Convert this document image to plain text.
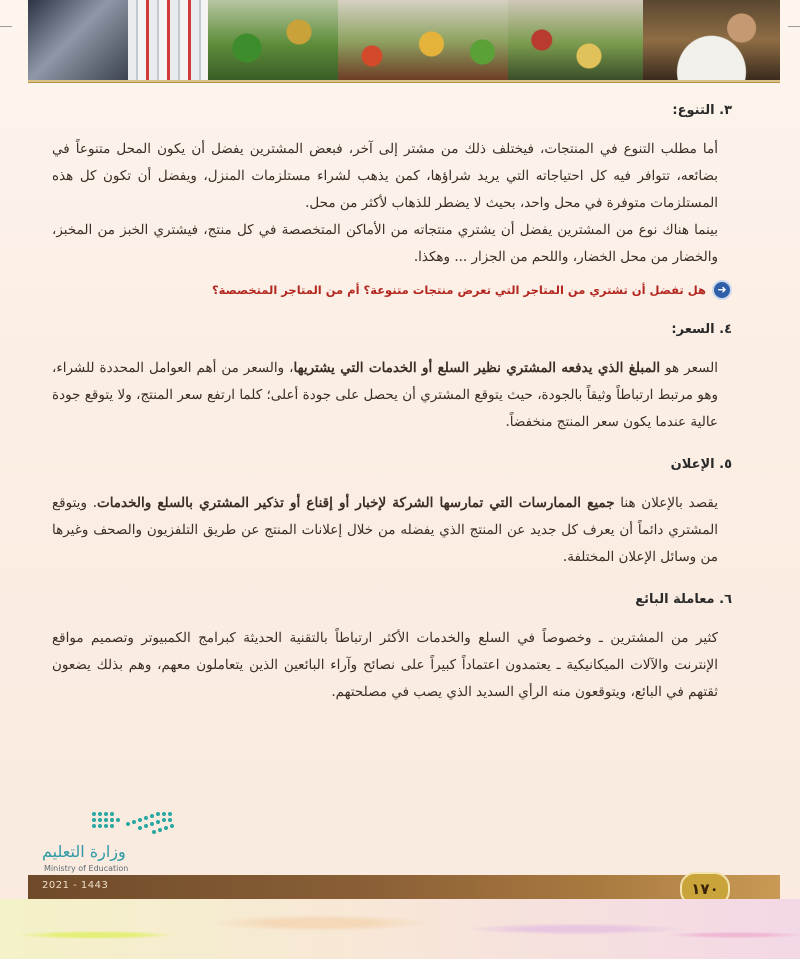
٣. التنوع:

أما مطلب التنوع في المنتجات، فيختلف ذلك من مشتر إلى آخر، فبعض المشترين يفضل أن يكون المحل متنوعاً في بضائعه، تتوافر فيه كل احتياجاته التي يريد شراؤها، كمن يذهب لشراء مستلزمات المنزل، ويفضل أن تكون كل هذه المستلزمات متوفرة في محل واحد، بحيث لا يضطر للذهاب لأكثر من محل.

بينما هناك نوع من المشترين يفضل أن يشتري منتجاته من الأماكن المتخصصة في كل منتج، فيشتري الخبز من المخبز، والخضار من محل الخضار، واللحم من الجزار ... وهكذا.

➜
هل تفضل أن تشتري من المتاجر التي تعرض منتجات متنوعة؟ أم من المتاجر المتخصصة؟
٤. السعر:

السعر هو المبلغ الذي يدفعه المشتري نظير السلع أو الخدمات التي يشتريها، والسعر من أهم العوامل المحددة للشراء، وهو مرتبط ارتباطاً وثيقاً بالجودة، حيث يتوقع المشتري أن يحصل على جودة أعلى؛ كلما ارتفع سعر المنتج، ولا يتوقع جودة عالية عندما يكون سعر المنتج منخفضاً.

٥. الإعلان

يقصد بالإعلان هنا جميع الممارسات التي تمارسها الشركة لإخبار أو إقناع أو تذكير المشتري بالسلع والخدمات. ويتوقع المشتري دائماً أن يعرف كل جديد عن المنتج الذي يفضله من خلال إعلانات المنتج عن طريق التلفزيون والصحف وغيرها من وسائل الإعلان المختلفة.

٦. معاملة البائع

كثير من المشترين ـ وخصوصاً في السلع والخدمات الأكثر ارتباطاً بالتقنية الحديثة كبرامج الكمبيوتر وتصميم مواقع الإنترنت والآلات الميكانيكية ـ يعتمدون اعتماداً كبيراً على نصائح وآراء البائعين الذين يتعاملون معهم، وهم بذلك يضعون ثقتهم في البائع، ويتوقعون منه الرأي السديد الذي يصب في مصلحتهم.

وزارة التعليم
Ministry of Education
2021 - 1443	١٧٠
